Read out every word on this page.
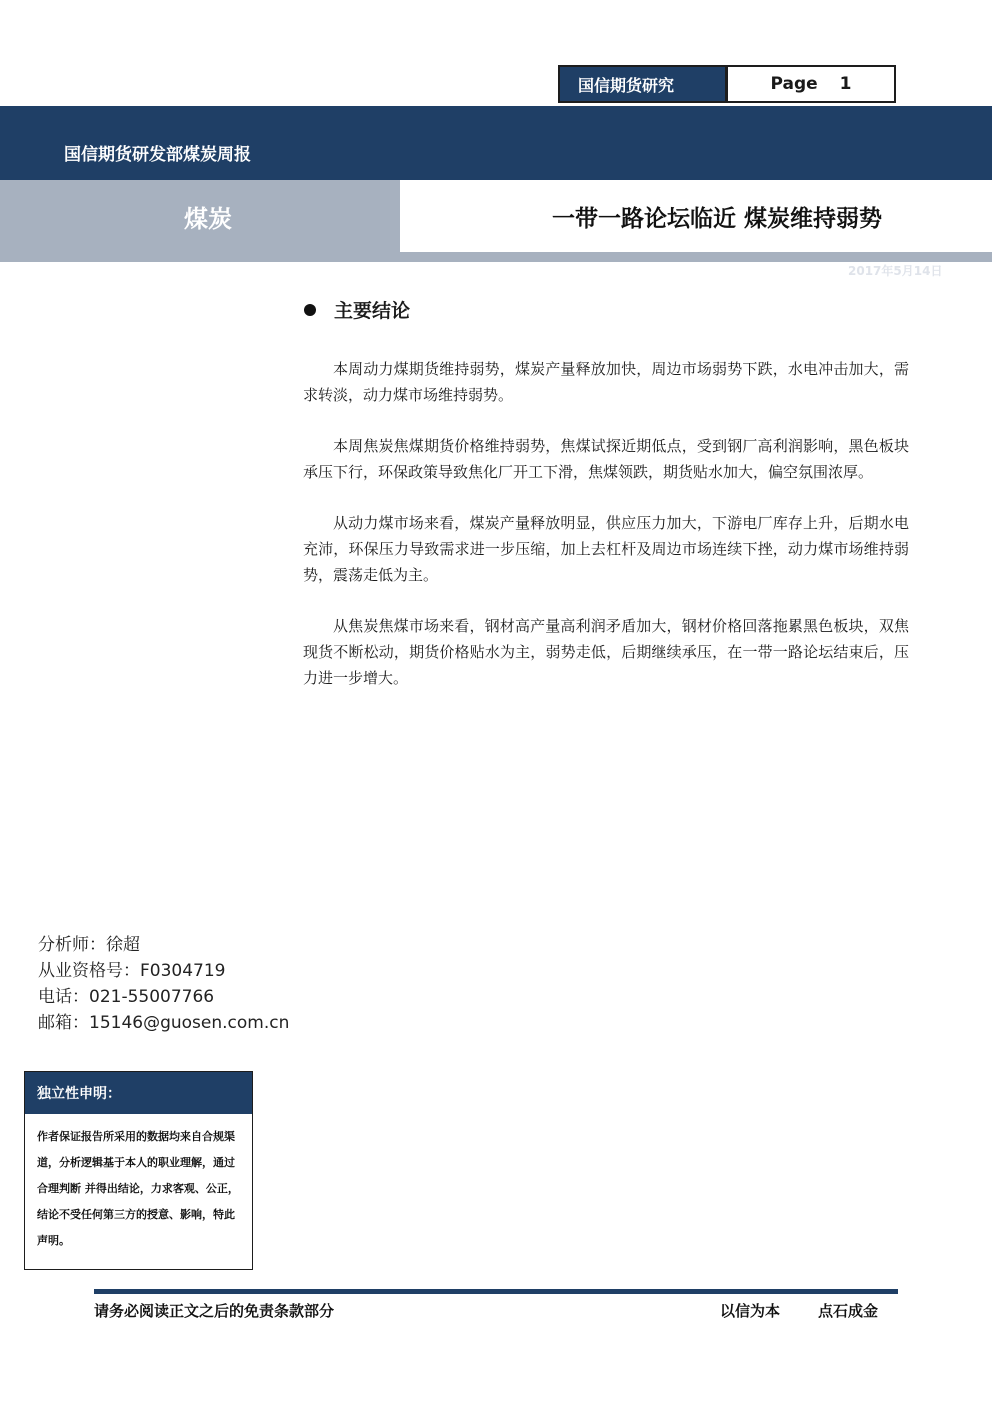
国信期货研究	Page 1
国信期货研发部煤炭周报
煤炭	一带一路论坛临近 煤炭维持弱势
2017年5月14日
主要结论

本周动力煤期货维持弱势，煤炭产量释放加快，周边市场弱势下跌，水电冲击加大，需求转淡，动力煤市场维持弱势。

本周焦炭焦煤期货价格维持弱势，焦煤试探近期低点，受到钢厂高利润影响，黑色板块承压下行，环保政策导致焦化厂开工下滑，焦煤领跌，期货贴水加大，偏空氛围浓厚。

从动力煤市场来看，煤炭产量释放明显，供应压力加大，下游电厂库存上升，后期水电充沛，环保压力导致需求进一步压缩，加上去杠杆及周边市场连续下挫，动力煤市场维持弱势，震荡走低为主。

从焦炭焦煤市场来看，钢材高产量高利润矛盾加大，钢材价格回落拖累黑色板块，双焦现货不断松动，期货价格贴水为主，弱势走低，后期继续承压，在一带一路论坛结束后，压力进一步增大。

分析师：徐超
从业资格号：F0304719
电话：021-55007766
邮箱：15146@guosen.com.cn
独立性申明：
作者保证报告所采用的数据均来自合规渠道，分析逻辑基于本人的职业理解，通过合理判断 并得出结论，力求客观、公正，结论不受任何第三方的授意、影响，特此声明。
请务必阅读正文之后的免责条款部分	以信为本	点石成金
